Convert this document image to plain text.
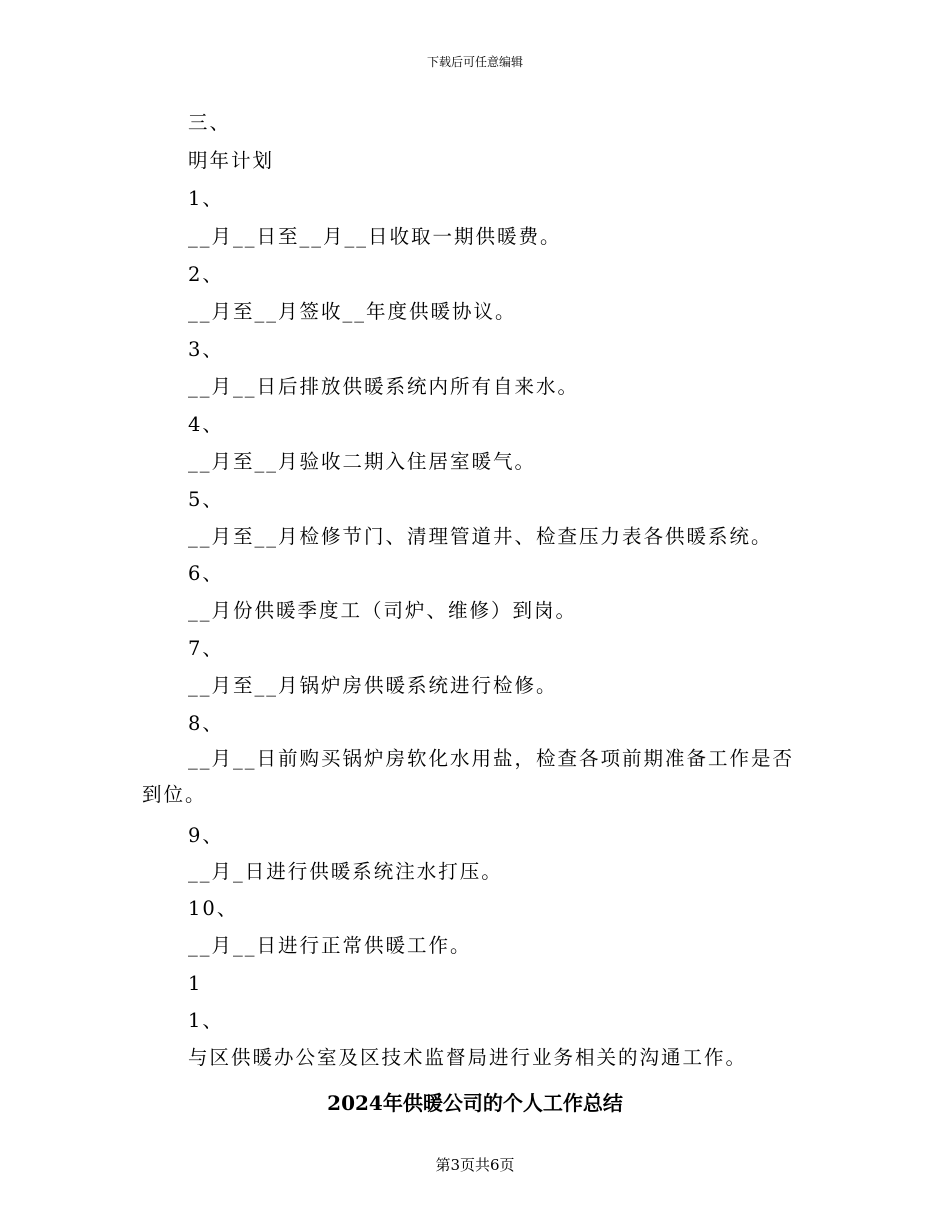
下载后可任意编辑
三、
明年计划
1、
__月__日至__月__日收取一期供暖费。
2、
__月至__月签收__年度供暖协议。
3、
__月__日后排放供暖系统内所有自来水。
4、
__月至__月验收二期入住居室暖气。
5、
__月至__月检修节门、清理管道井、检查压力表各供暖系统。
6、
__月份供暖季度工（司炉、维修）到岗。
7、
__月至__月锅炉房供暖系统进行检修。
8、
__月__日前购买锅炉房软化水用盐，检查各项前期准备工作是否
到位。
9、
__月_日进行供暖系统注水打压。
10、
__月__日进行正常供暖工作。
1
1、
与区供暖办公室及区技术监督局进行业务相关的沟通工作。
2024年供暖公司的个人工作总结
第3页共6页
